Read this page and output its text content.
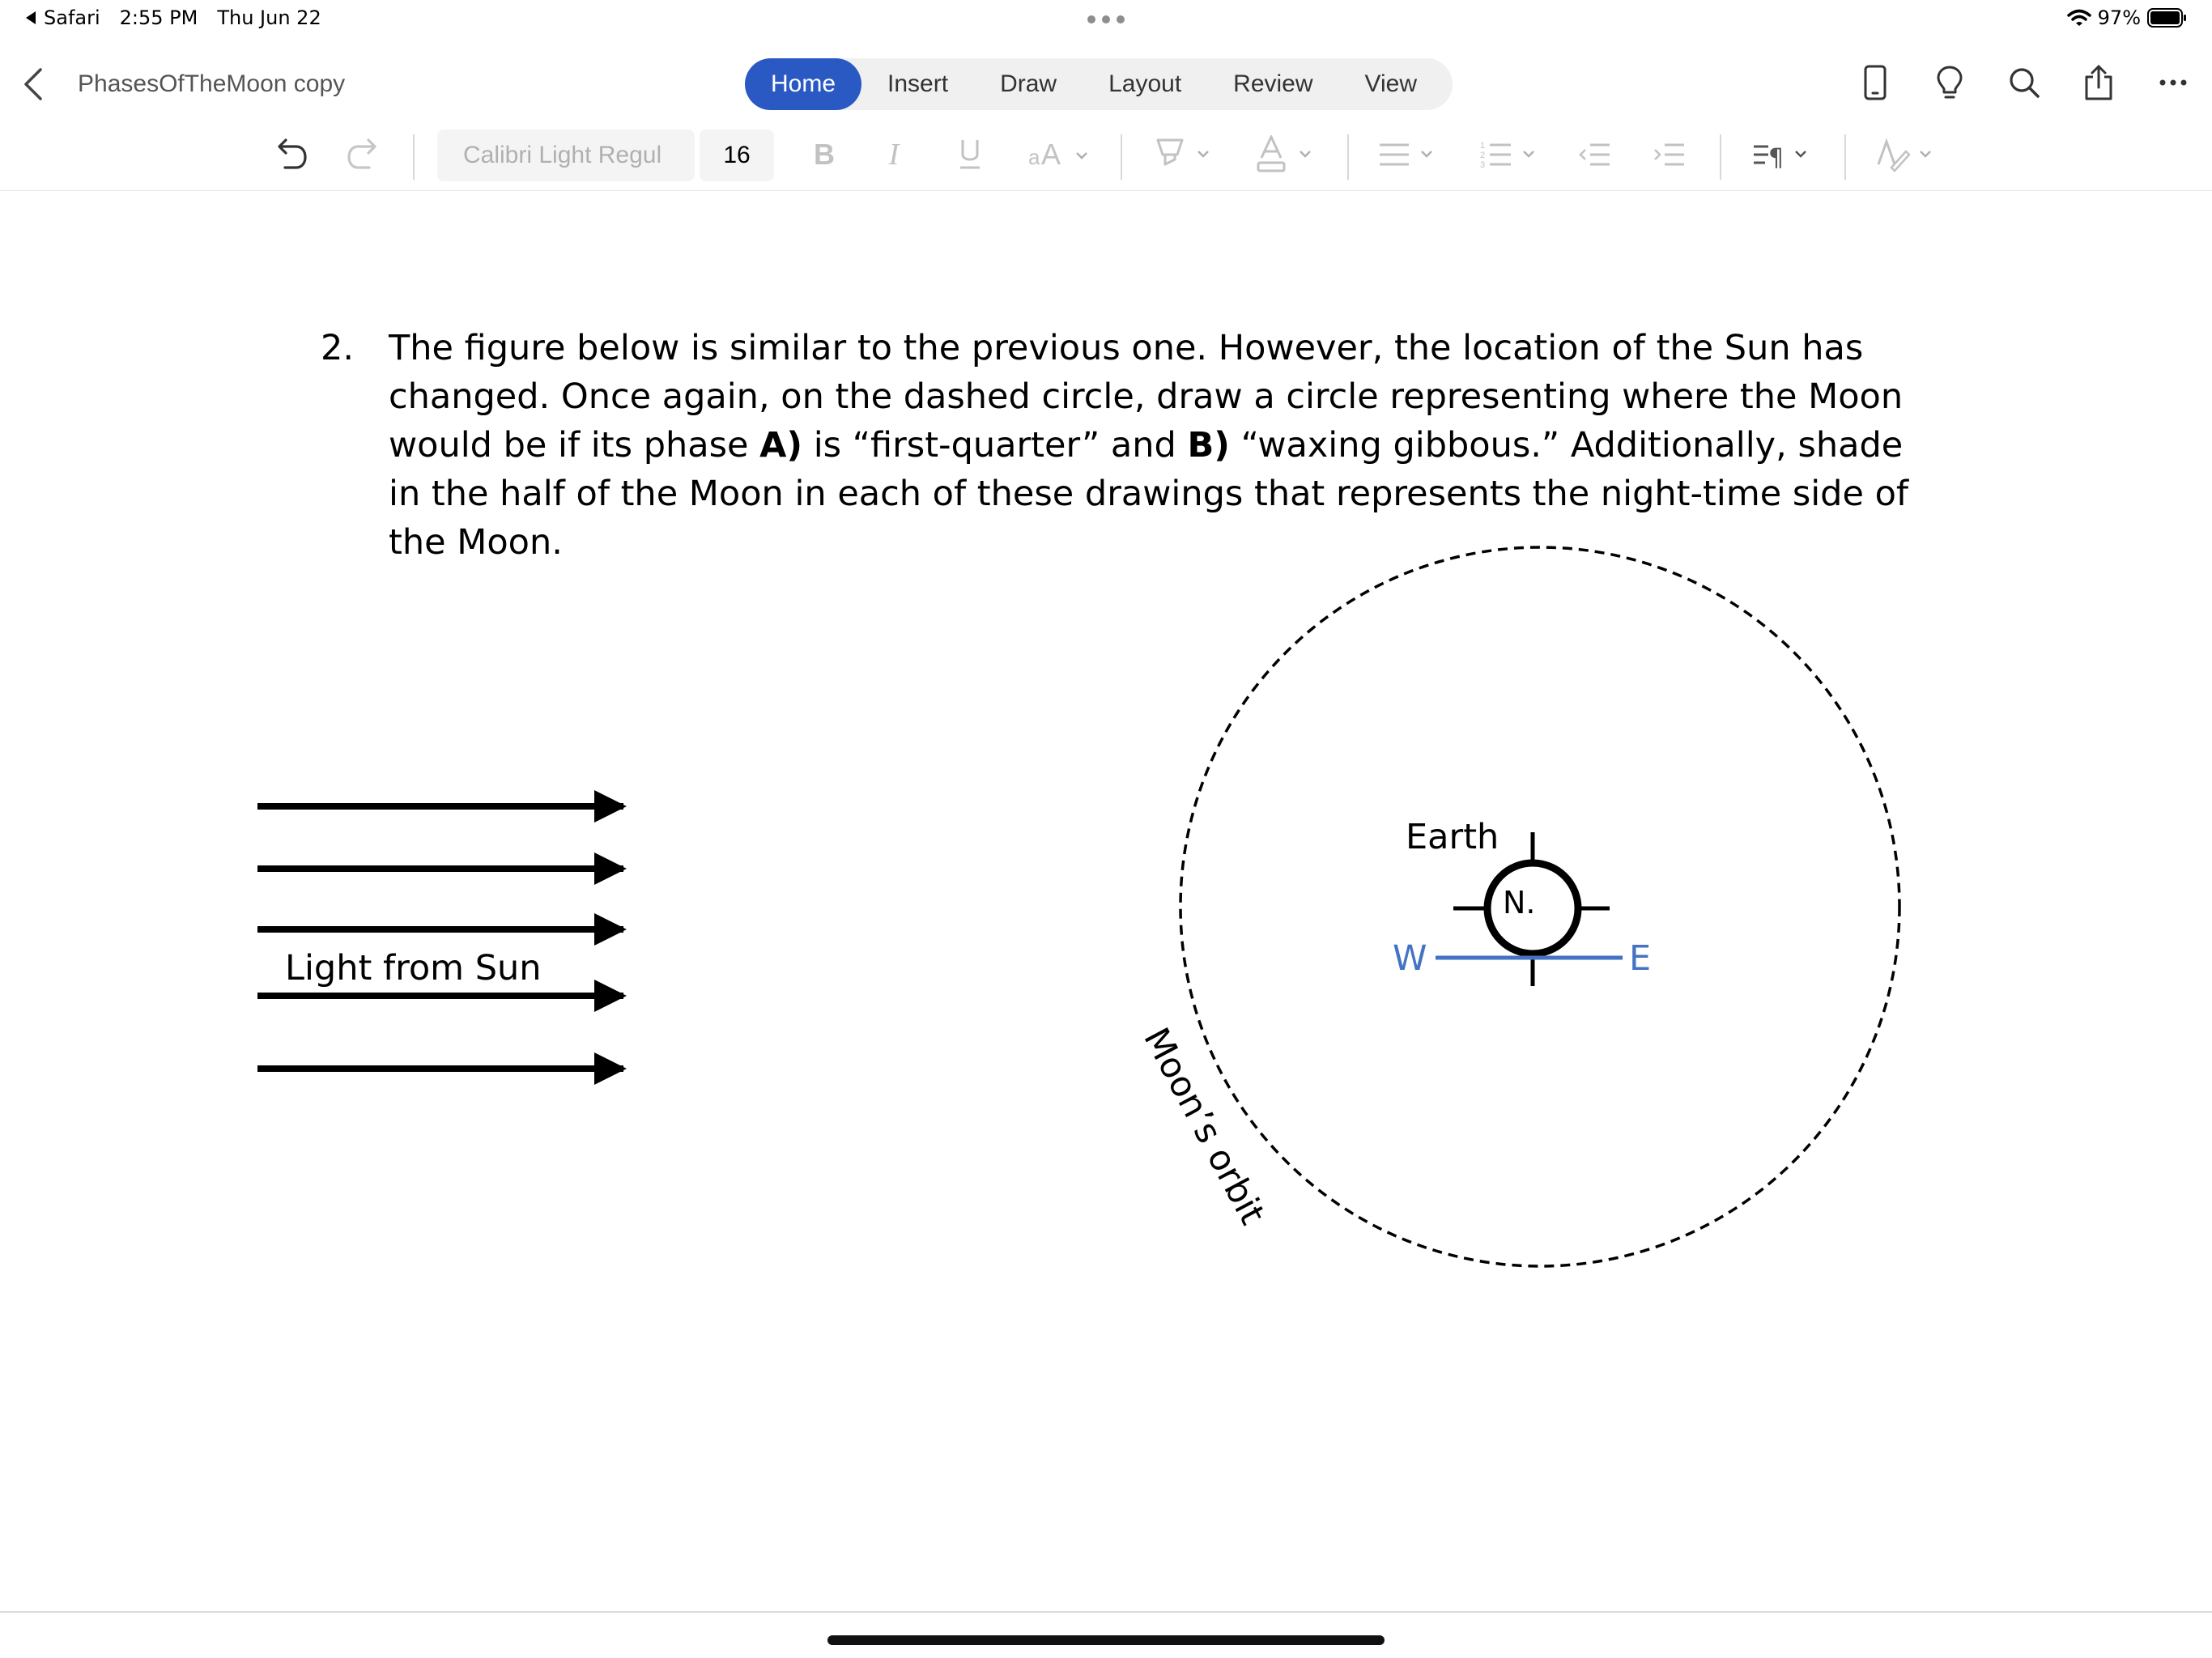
Safari 2:55 PM Thu Jun 22	97%
PhasesOfTheMoon copy	Home	Insert	Draw	Layout	Review	View
Calibri Light Regul	16	B I	a A	1
2
3	¶
2. The figure below is similar to the previous one. However, the location of the Sun has changed. Once again, on the dashed circle, draw a circle representing where the Moon would be if its phase A) is “first-quarter” and B) “waxing gibbous.” Additionally, shade in the half of the Moon in each of these drawings that represents the night-time side of the Moon.
Light from Sun
Moon’s orbit
Earth
N.
W	E
